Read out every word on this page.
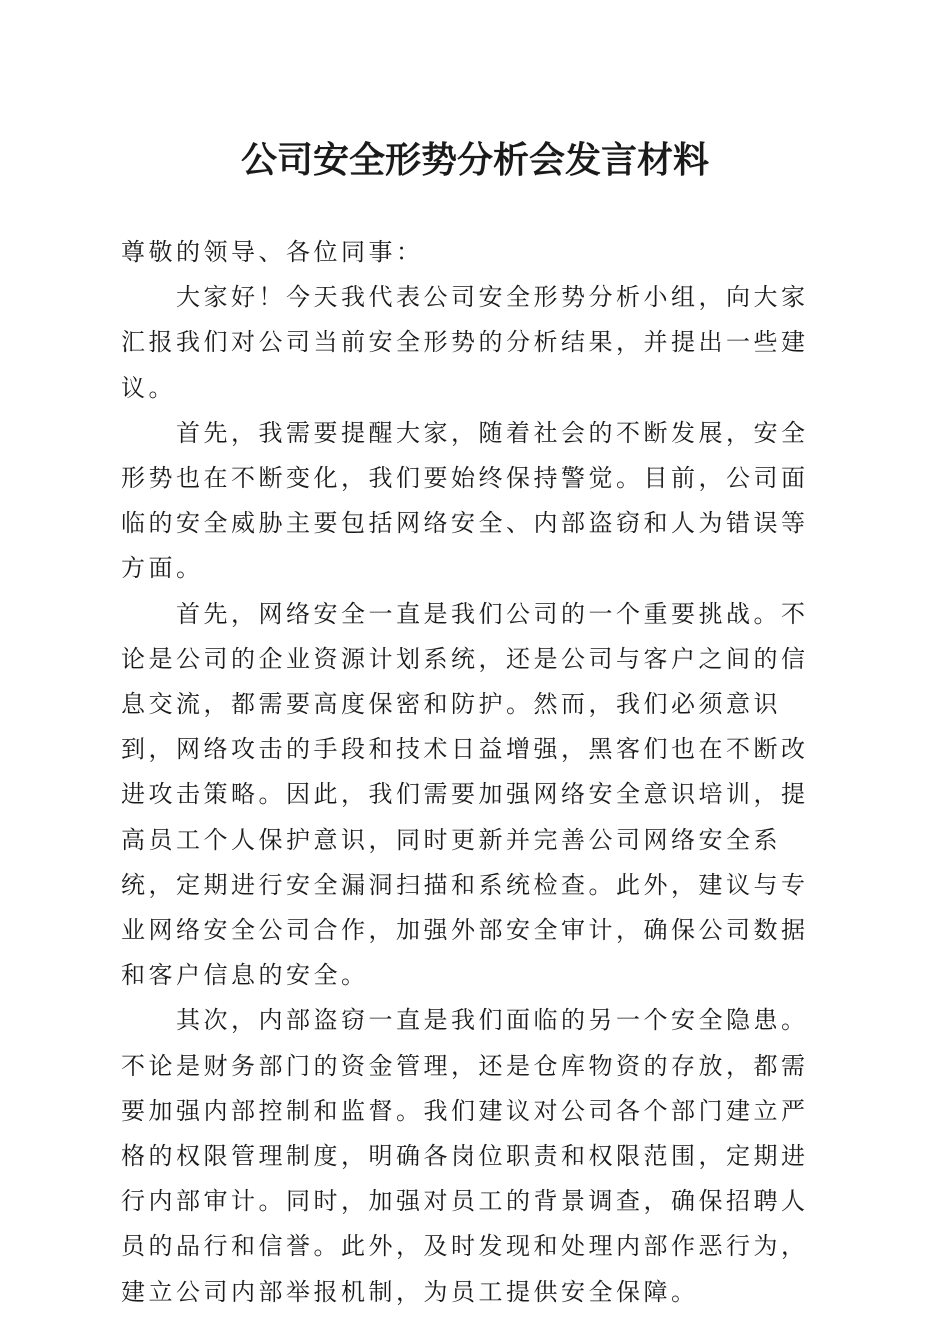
公司安全形势分析会发言材料

尊敬的领导、各位同事：

大家好！今天我代表公司安全形势分析小组，向大家汇报我们对公司当前安全形势的分析结果，并提出一些建议。

首先，我需要提醒大家，随着社会的不断发展，安全形势也在不断变化，我们要始终保持警觉。目前，公司面临的安全威胁主要包括网络安全、内部盗窃和人为错误等方面。

首先，网络安全一直是我们公司的一个重要挑战。不论是公司的企业资源计划系统，还是公司与客户之间的信息交流，都需要高度保密和防护。然而，我们必须意识到，网络攻击的手段和技术日益增强，黑客们也在不断改进攻击策略。因此，我们需要加强网络安全意识培训，提高员工个人保护意识，同时更新并完善公司网络安全系统，定期进行安全漏洞扫描和系统检查。此外，建议与专业网络安全公司合作，加强外部安全审计，确保公司数据和客户信息的安全。

其次，内部盗窃一直是我们面临的另一个安全隐患。不论是财务部门的资金管理，还是仓库物资的存放，都需要加强内部控制和监督。我们建议对公司各个部门建立严格的权限管理制度，明确各岗位职责和权限范围，定期进行内部审计。同时，加强对员工的背景调查，确保招聘人员的品行和信誉。此外，及时发现和处理内部作恶行为，建立公司内部举报机制，为员工提供安全保障。
